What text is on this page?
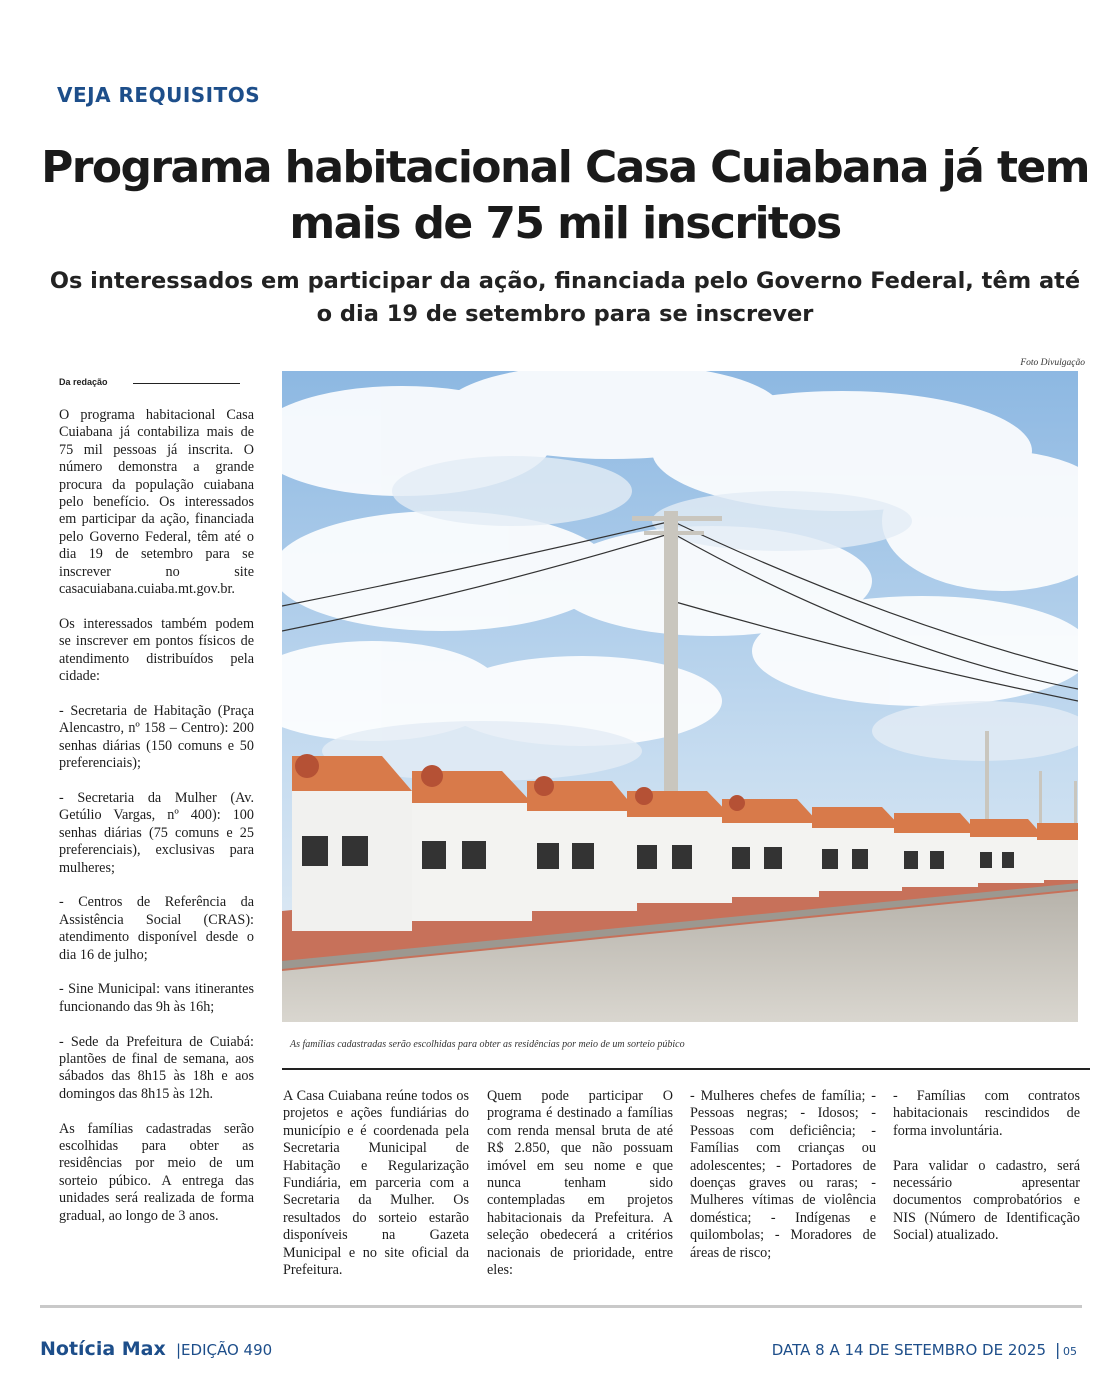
VEJA REQUISITOS
Programa habitacional Casa Cuiabana já tem mais de 75 mil inscritos
Os interessados em participar da ação, financiada pelo Governo Federal, têm até o dia 19 de setembro para se inscrever
Da redação

O programa habitacional Casa Cuiabana já contabiliza mais de 75 mil pessoas já inscrita. O número demonstra a grande procura da população cuiabana pelo benefício. Os interessados em participar da ação, financiada pelo Governo Federal, têm até o dia 19 de setembro para se inscrever no site casacuiabana.cuiaba.mt.gov.br.

Os interessados também podem se inscrever em pontos físicos de atendimento distribuídos pela cidade:

- Secretaria de Habitação (Praça Alencastro, nº 158 – Centro): 200 senhas diárias (150 comuns e 50 preferenciais);

- Secretaria da Mulher (Av. Getúlio Vargas, nº 400): 100 senhas diárias (75 comuns e 25 preferenciais), exclusivas para mulheres;

- Centros de Referência da Assistência Social (CRAS): atendimento disponível desde o dia 16 de julho;

- Sine Municipal: vans itinerantes funcionando das 9h às 16h;

- Sede da Prefeitura de Cuiabá: plantões de final de semana, aos sábados das 8h15 às 18h e aos domingos das 8h15 às 12h.

As famílias cadastradas serão escolhidas para obter as residências por meio de um sorteio púbico. A entrega das unidades será realizada de forma gradual, ao longo de 3 anos.

Foto Divulgação
As famílias cadastradas serão escolhidas para obter as residências por meio de um sorteio púbico

A Casa Cuiabana reúne todos os projetos e ações fundiárias do município e é coordenada pela Secretaria Municipal de Habitação e Regularização Fundiária, em parceria com a Secretaria da Mulher. Os resultados do sorteio estarão disponíveis na Gazeta Municipal e no site oficial da Prefeitura.

Quem pode participar O programa é destinado a famílias com renda mensal bruta de até R$ 2.850, que não possuam imóvel em seu nome e que nunca tenham sido contempladas em projetos habitacionais da Prefeitura. A seleção obedecerá a critérios nacionais de prioridade, entre eles:

- Mulheres chefes de família; - Pessoas negras; - Idosos; - Pessoas com deficiência; - Famílias com crianças ou adolescentes; - Portadores de doenças graves ou raras; - Mulheres vítimas de violência doméstica; - Indígenas e quilombolas; - Moradores de áreas de risco;

- Famílias com contratos habitacionais rescindidos de forma involuntária.

Para validar o cadastro, será necessário apresentar documentos comprobatórios e NIS (Número de Identificação Social) atualizado.

Notícia Max |EDIÇÃO 490	DATA 8 A 14 DE SETEMBRO DE 2025 | 05
